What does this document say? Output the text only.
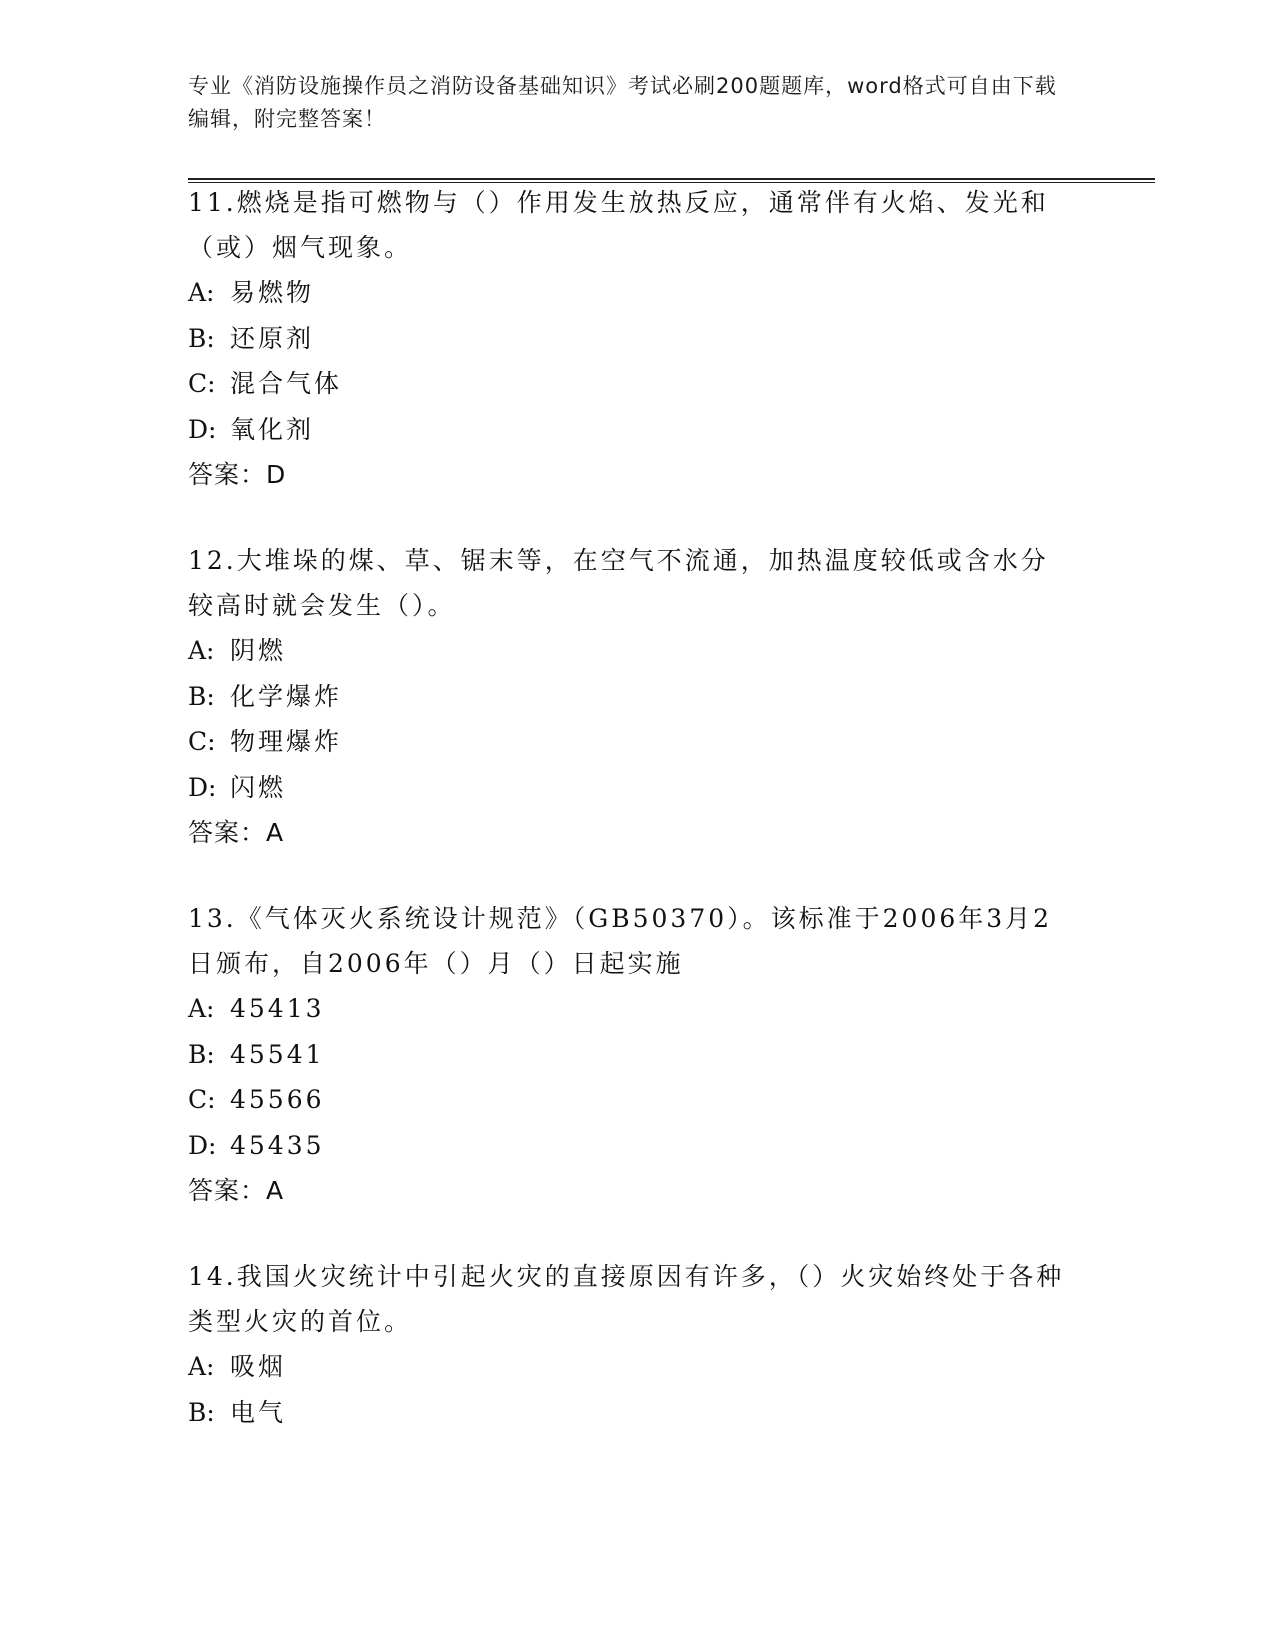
专业《消防设施操作员之消防设备基础知识》考试必刷200题题库，word格式可自由下载编辑，附完整答案！

11.燃烧是指可燃物与（）作用发生放热反应，通常伴有火焰、发光和（或）烟气现象。

A: 易燃物

B: 还原剂

C: 混合气体

D: 氧化剂

答案：D

12.大堆垛的煤、草、锯末等，在空气不流通，加热温度较低或含水分较高时就会发生（）。

A: 阴燃

B: 化学爆炸

C: 物理爆炸

D: 闪燃

答案：A

13.《气体灭火系统设计规范》（GB50370）。该标准于2006年3月2日颁布，自2006年（）月（）日起实施

A: 45413

B: 45541

C: 45566

D: 45435

答案：A

14.我国火灾统计中引起火灾的直接原因有许多，（）火灾始终处于各种类型火灾的首位。

A: 吸烟

B: 电气
